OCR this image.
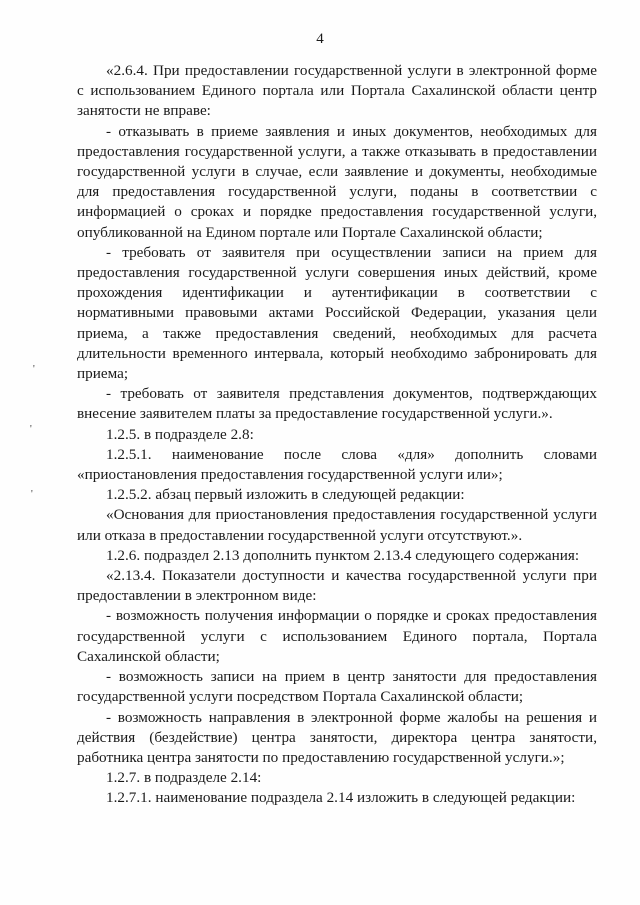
4
'
'
'

«2.6.4. При предоставлении государственной услуги в электронной форме с использованием Единого портала или Портала Сахалинской области центр занятости не вправе:

- отказывать в приеме заявления и иных документов, необходимых для предоставления государственной услуги, а также отказывать в предоставлении государственной услуги в случае, если заявление и документы, необходимые для предоставления государственной услуги, поданы в соответствии с информацией о сроках и порядке предоставления государственной услуги, опубликованной на Едином портале или Портале Сахалинской области;

- требовать от заявителя при осуществлении записи на прием для предоставления государственной услуги совершения иных действий, кроме прохождения идентификации и аутентификации в соответствии с нормативными правовыми актами Российской Федерации, указания цели приема, а также предоставления сведений, необходимых для расчета длительности временного интервала, который необходимо забронировать для приема;

- требовать от заявителя представления документов, подтверждающих внесение заявителем платы за предоставление государственной услуги.».

1.2.5. в подразделе 2.8:

1.2.5.1. наименование после слова «для» дополнить словами «приостановления предоставления государственной услуги или»;

1.2.5.2. абзац первый изложить в следующей редакции:

«Основания для приостановления предоставления государственной услуги или отказа в предоставлении государственной услуги отсутствуют.».

1.2.6. подраздел 2.13 дополнить пунктом 2.13.4 следующего содержания:

«2.13.4. Показатели доступности и качества государственной услуги при предоставлении в электронном виде:

- возможность получения информации о порядке и сроках предоставления государственной услуги с использованием Единого портала, Портала Сахалинской области;

- возможность записи на прием в центр занятости для предоставления государственной услуги посредством Портала Сахалинской области;

- возможность направления в электронной форме жалобы на решения и действия (бездействие) центра занятости, директора центра занятости, работника центра занятости по предоставлению государственной услуги.»;

1.2.7. в подразделе 2.14:

1.2.7.1. наименование подраздела 2.14 изложить в следующей редакции:
